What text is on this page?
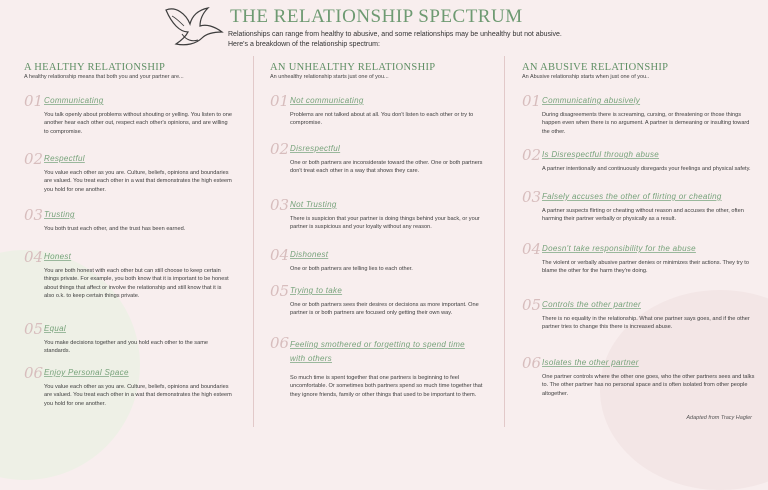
THE RELATIONSHIP SPECTRUM
Relationships can range from healthy to abusive, and some relationships may be unhealthy but not abusive. Here's a breakdown of the relationship spectrum:
A HEALTHY RELATIONSHIP
A healthy relationship means that both you and your partner are...
01 Communicating
You talk openly about problems without shouting or yelling. You listen to one another hear each other out, respect each other's opinions, and are willing to compromise.
02 Respectful
You value each other as you are. Culture, beliefs, opinions and boundaries are valued. You treat each other in a wat that demonstrates the high esteem you hold for one another.
03 Trusting
You both trust each other, and the trust has been earned.
04 Honest
You are both honest with each other but can still choose to keep certain things private. For example, you both know that it is important to be honest about things that affect or involve the relationship and still know that it is also o.k. to keep certain things private.
05 Equal
You make decisions together and you hold each other to the same standards.
06 Enjoy Personal Space
You value each other as you are. Culture, beliefs, opinions and boundaries are valued. You treat each other in a wat that demonstrates the high esteem you hold for one another.
AN UNHEALTHY RELATIONSHIP
An unhealthy relationship starts just one of you...
01 Not communicating
Problems are not talked about at all. You don't listen to each other or try to compromise.
02 Disrespectful
One or both partners are inconsiderate toward the other. One or both partners don't treat each other in a way that shows they care.
03 Not Trusting
There is suspicion that your partner is doing things behind your back, or your partner is suspicious and your loyalty without any reason.
04 Dishonest
One or both partners are telling lies to each other.
05 Trying to take
One or both partners sees their desires or decisions as more important. One partner is or both partners are focused only getting their own way.
06 Feeling smothered or forgetting to spend time with others
So much time is spent together that one partners is beginning to feel uncomfortable. Or sometimes both partners spend so much time together that they ignore friends, family or other things that used to be important to them.
AN ABUSIVE RELATIONSHIP
An Abusive relationship starts when just one of you..
01 Communicating abusively
During disagreements there is screaming, cursing, or threatening or those things happen even when there is no argument. A partner is demeaning or insulting toward the other.
02 Is Disrespectful through abuse
A partner intentionally and continuously disregards your feelings and physical safety.
03 Falsely accuses the other of flirting or cheating
A partner suspects flirting or cheating without reason and accuses the other, often harming their partner verbally or physically as a result.
04 Doesn't take responsibility for the abuse
The violent or verbally abusive partner denies or minimizes their actions. They try to blame the other for the harm they're doing.
05 Controls the other partner
There is no equality in the relationship. What one partner says goes, and if the other partner tries to change this there is increased abuse.
06 Isolates the other partner
One partner controls where the other one goes, who the other partners sees and talks to. The other partner has no personal space and is often isolated from other people altogether.
Adapted from Tracy Hagler
